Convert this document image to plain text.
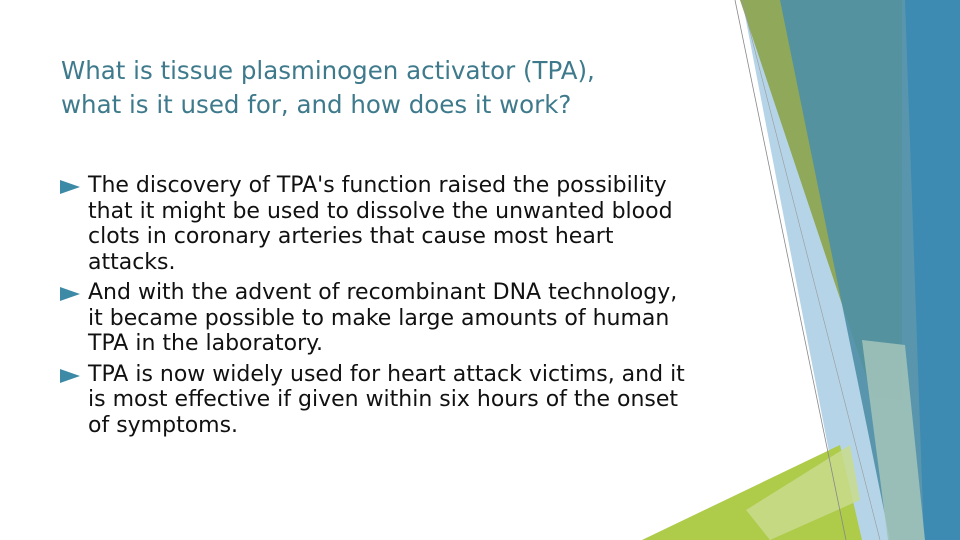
What is tissue plasminogen activator (TPA),
what is it used for, and how does it work?
The discovery of TPA's function raised the possibility
that it might be used to dissolve the unwanted blood
clots in coronary arteries that cause most heart
attacks.
And with the advent of recombinant DNA technology,
it became possible to make large amounts of human
TPA in the laboratory.
TPA is now widely used for heart attack victims, and it
is most effective if given within six hours of the onset
of symptoms.
